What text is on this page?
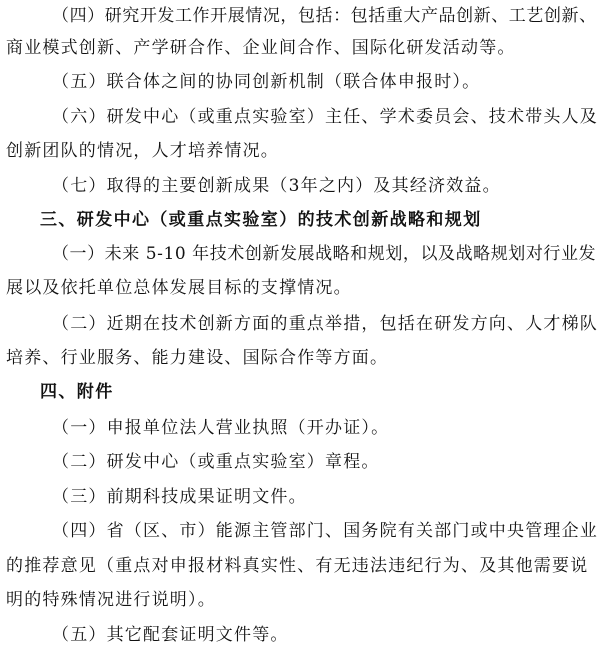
（四）研究开发工作开展情况，包括：包括重大产品创新、工艺创新、
商业模式创新、产学研合作、企业间合作、国际化研发活动等。
（五）联合体之间的协同创新机制（联合体申报时）。
（六）研发中心（或重点实验室）主任、学术委员会、技术带头人及
创新团队的情况，人才培养情况。
（七）取得的主要创新成果（3年之内）及其经济效益。
三、研发中心（或重点实验室）的技术创新战略和规划
（一）未来 5-10 年技术创新发展战略和规划，以及战略规划对行业发
展以及依托单位总体发展目标的支撑情况。
（二）近期在技术创新方面的重点举措，包括在研发方向、人才梯队
培养、行业服务、能力建设、国际合作等方面。
四、附件
（一）申报单位法人营业执照（开办证）。
（二）研发中心（或重点实验室）章程。
（三）前期科技成果证明文件。
（四）省（区、市）能源主管部门、国务院有关部门或中央管理企业
的推荐意见（重点对申报材料真实性、有无违法违纪行为、及其他需要说
明的特殊情况进行说明）。
（五）其它配套证明文件等。
